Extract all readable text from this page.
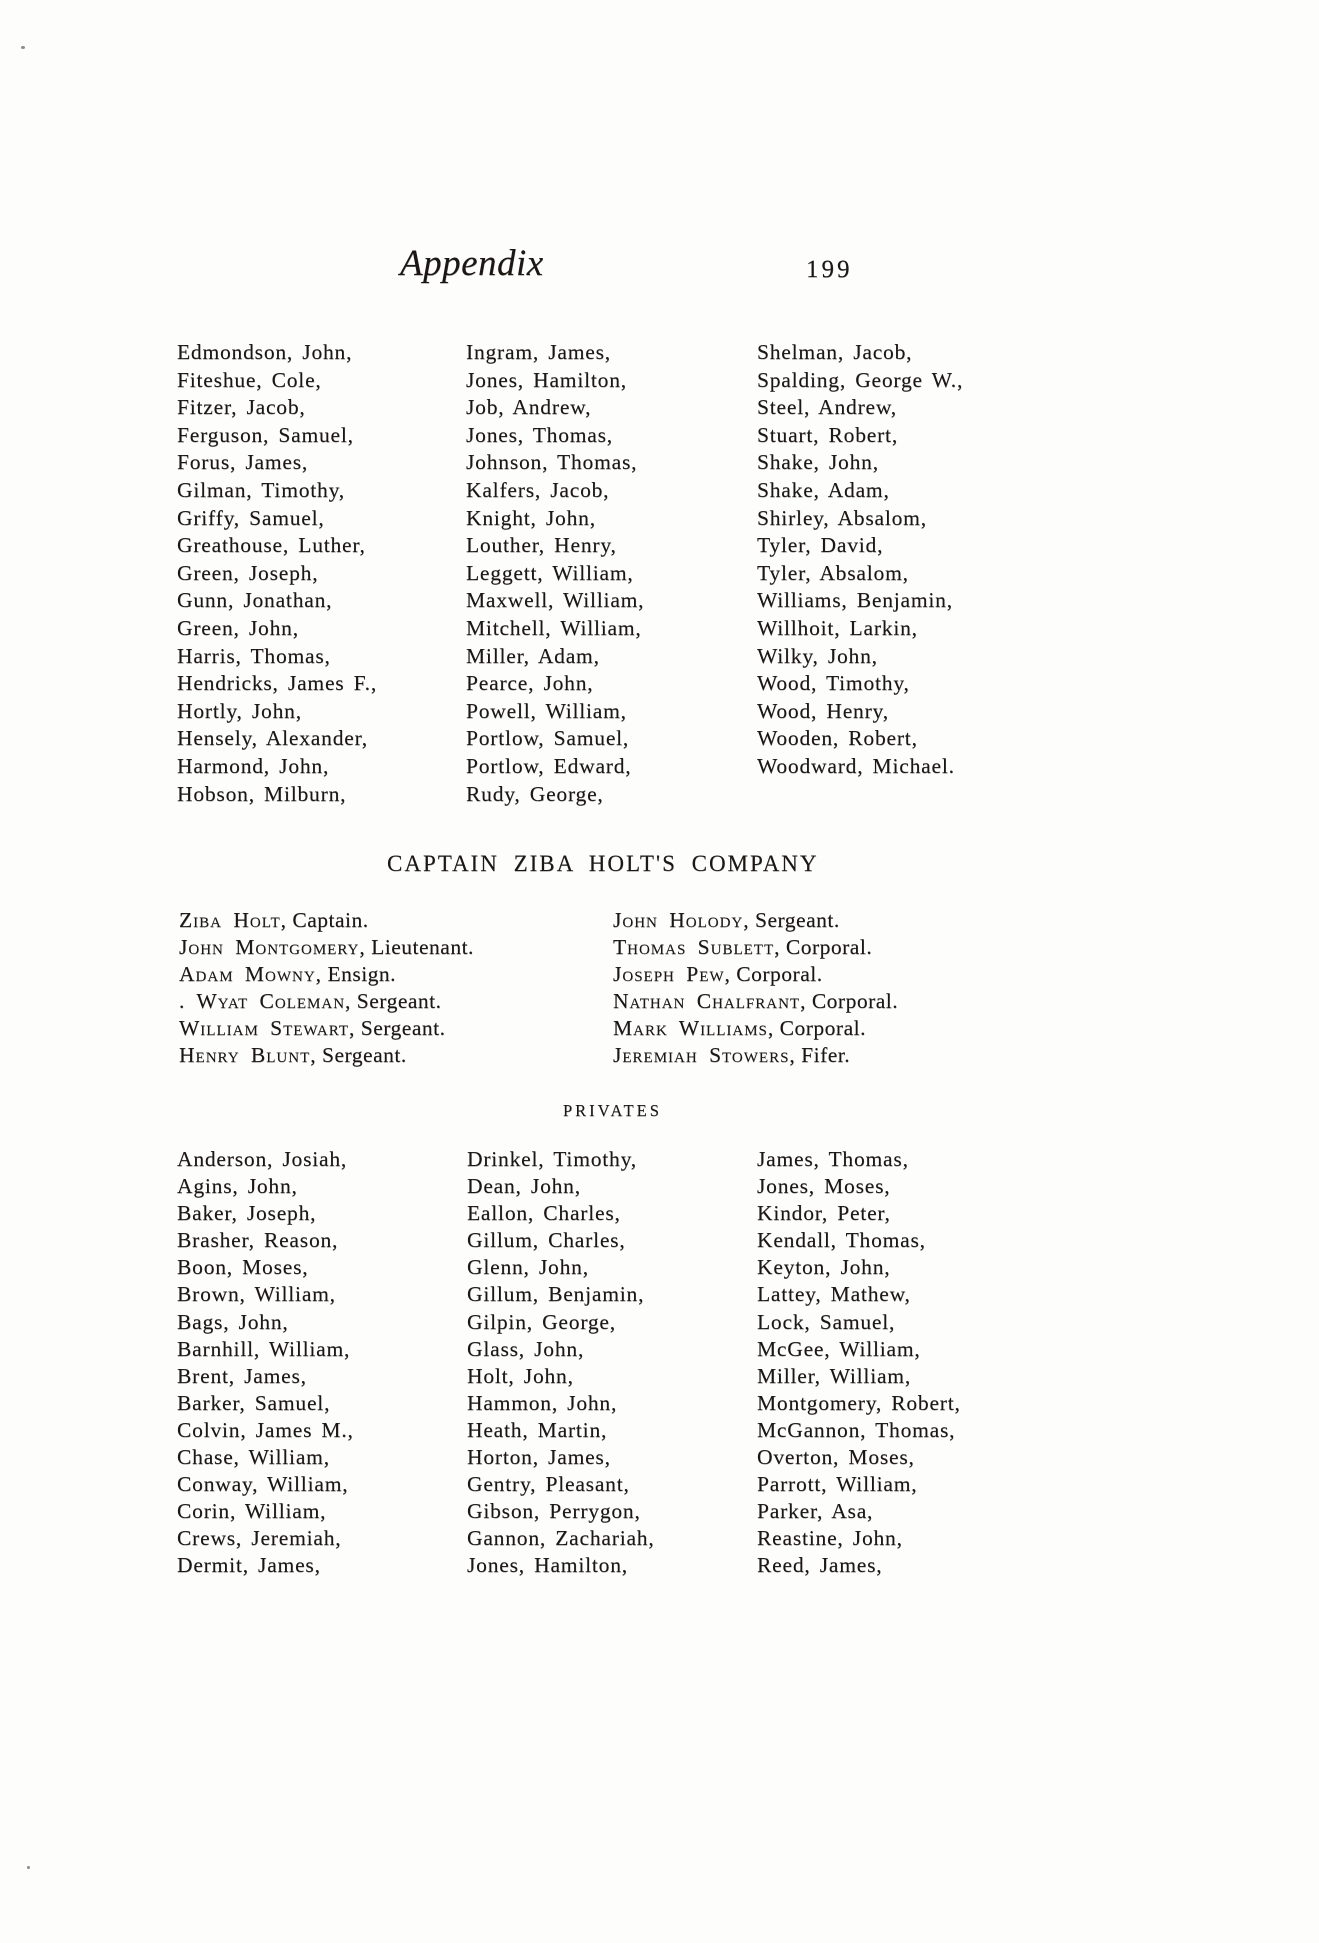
Appendix	199
Edmondson, John,
Fiteshue, Cole,
Fitzer, Jacob,
Ferguson, Samuel,
Forus, James,
Gilman, Timothy,
Griffy, Samuel,
Greathouse, Luther,
Green, Joseph,
Gunn, Jonathan,
Green, John,
Harris, Thomas,
Hendricks, James F.,
Hortly, John,
Hensely, Alexander,
Harmond, John,
Hobson, Milburn,
Ingram, James,
Jones, Hamilton,
Job, Andrew,
Jones, Thomas,
Johnson, Thomas,
Kalfers, Jacob,
Knight, John,
Louther, Henry,
Leggett, William,
Maxwell, William,
Mitchell, William,
Miller, Adam,
Pearce, John,
Powell, William,
Portlow, Samuel,
Portlow, Edward,
Rudy, George,
Shelman, Jacob,
Spalding, George W.,
Steel, Andrew,
Stuart, Robert,
Shake, John,
Shake, Adam,
Shirley, Absalom,
Tyler, David,
Tyler, Absalom,
Williams, Benjamin,
Willhoit, Larkin,
Wilky, John,
Wood, Timothy,
Wood, Henry,
Wooden, Robert,
Woodward, Michael.
CAPTAIN ZIBA HOLT'S COMPANY
Ziba Holt, Captain.
John Montgomery, Lieutenant.
Adam Mowny, Ensign.
. Wyat Coleman, Sergeant.
William Stewart, Sergeant.
Henry Blunt, Sergeant.
John Holody, Sergeant.
Thomas Sublett, Corporal.
Joseph Pew, Corporal.
Nathan Chalfrant, Corporal.
Mark Williams, Corporal.
Jeremiah Stowers, Fifer.
PRIVATES
Anderson, Josiah,
Agins, John,
Baker, Joseph,
Brasher, Reason,
Boon, Moses,
Brown, William,
Bags, John,
Barnhill, William,
Brent, James,
Barker, Samuel,
Colvin, James M.,
Chase, William,
Conway, William,
Corin, William,
Crews, Jeremiah,
Dermit, James,
Drinkel, Timothy,
Dean, John,
Eallon, Charles,
Gillum, Charles,
Glenn, John,
Gillum, Benjamin,
Gilpin, George,
Glass, John,
Holt, John,
Hammon, John,
Heath, Martin,
Horton, James,
Gentry, Pleasant,
Gibson, Perrygon,
Gannon, Zachariah,
Jones, Hamilton,
James, Thomas,
Jones, Moses,
Kindor, Peter,
Kendall, Thomas,
Keyton, John,
Lattey, Mathew,
Lock, Samuel,
McGee, William,
Miller, William,
Montgomery, Robert,
McGannon, Thomas,
Overton, Moses,
Parrott, William,
Parker, Asa,
Reastine, John,
Reed, James,
